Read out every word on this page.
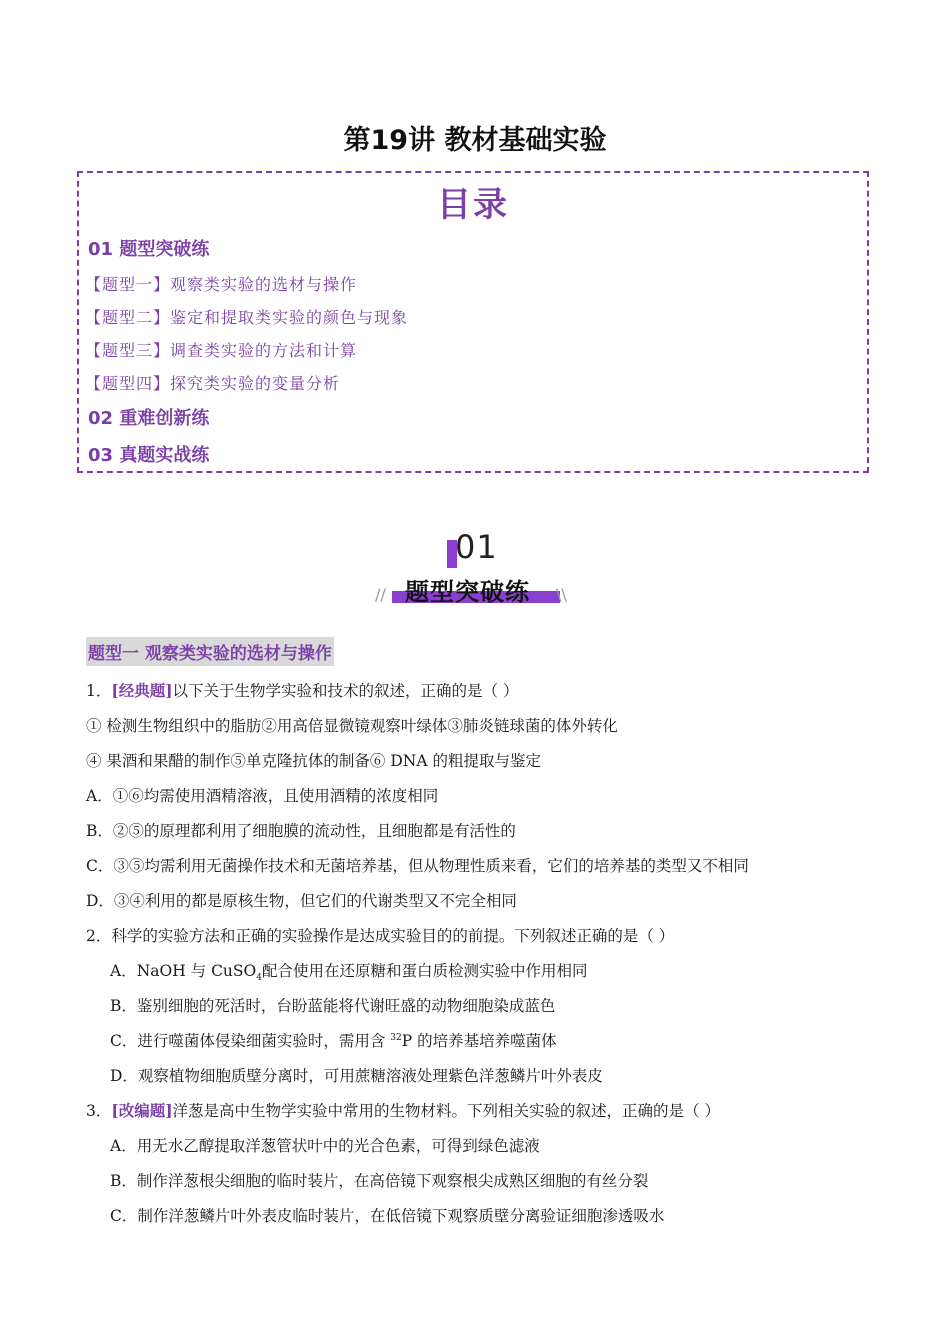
第19讲 教材基础实验
目录
01 题型突破练
【题型一】观察类实验的选材与操作
【题型二】鉴定和提取类实验的颜色与现象
【题型三】调查类实验的方法和计算
【题型四】探究类实验的变量分析
02 重难创新练
03 真题实战练
01
题型突破练
//	\\
题型一 观察类实验的选材与操作
1．[经典题]以下关于生物学实验和技术的叙述，正确的是（ ）
① 检测生物组织中的脂肪②用高倍显微镜观察叶绿体③肺炎链球菌的体外转化
④ 果酒和果醋的制作⑤单克隆抗体的制备⑥ DNA 的粗提取与鉴定
A．①⑥均需使用酒精溶液，且使用酒精的浓度相同
B．②⑤的原理都利用了细胞膜的流动性，且细胞都是有活性的
C．③⑤均需利用无菌操作技术和无菌培养基，但从物理性质来看，它们的培养基的类型又不相同
D．③④利用的都是原核生物，但它们的代谢类型又不完全相同
2．科学的实验方法和正确的实验操作是达成实验目的的前提。下列叙述正确的是（ ）
A．NaOH 与 CuSO$_4$配合使用在还原糖和蛋白质检测实验中作用相同
B．鉴别细胞的死活时，台盼蓝能将代谢旺盛的动物细胞染成蓝色
C．进行噬菌体侵染细菌实验时，需用含 $^{32}$P 的培养基培养噬菌体
D．观察植物细胞质壁分离时，可用蔗糖溶液处理紫色洋葱鳞片叶外表皮
3．[改编题]洋葱是高中生物学实验中常用的生物材料。下列相关实验的叙述，正确的是（ ）
A．用无水乙醇提取洋葱管状叶中的光合色素，可得到绿色滤液
B．制作洋葱根尖细胞的临时装片，在高倍镜下观察根尖成熟区细胞的有丝分裂
C．制作洋葱鳞片叶外表皮临时装片，在低倍镜下观察质壁分离验证细胞渗透吸水
